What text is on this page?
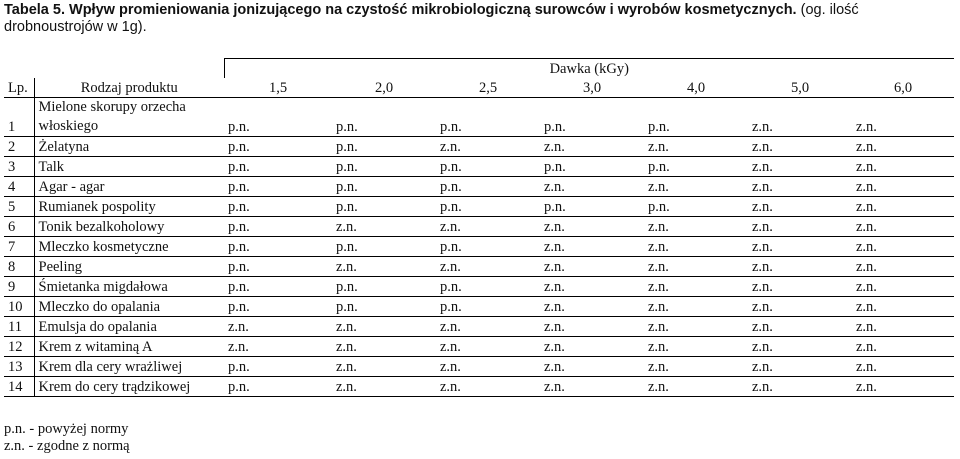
Tabela 5. Wpływ promieniowania jonizującego na czystość mikrobiologiczną surowców i wyrobów kosmetycznych. (og. ilość drobnoustrojów w 1g).
		Dawka (kGy)						
Lp.	Rodzaj produktu	1,5	2,0	2,5	3,0	4,0	5,0	6,0
1	Mielone skorupy orzecha włoskiego	p.n.	p.n.	p.n.	p.n.	p.n.	z.n.	z.n.
2	Żelatyna	p.n.	p.n.	z.n.	z.n.	z.n.	z.n.	z.n.
3	Talk	p.n.	p.n.	p.n.	p.n.	p.n.	z.n.	z.n.
4	Agar - agar	p.n.	p.n.	p.n.	z.n.	z.n.	z.n.	z.n.
5	Rumianek pospolity	p.n.	p.n.	p.n.	p.n.	p.n.	z.n.	z.n.
6	Tonik bezalkoholowy	p.n.	z.n.	z.n.	z.n.	z.n.	z.n.	z.n.
7	Mleczko kosmetyczne	p.n.	p.n.	p.n.	z.n.	z.n.	z.n.	z.n.
8	Peeling	p.n.	z.n.	z.n.	z.n.	z.n.	z.n.	z.n.
9	Śmietanka migdałowa	p.n.	p.n.	p.n.	z.n.	z.n.	z.n.	z.n.
10	Mleczko do opalania	p.n.	p.n.	p.n.	z.n.	z.n.	z.n.	z.n.
11	Emulsja do opalania	z.n.	z.n.	z.n.	z.n.	z.n.	z.n.	z.n.
12	Krem z witaminą A	z.n.	z.n.	z.n.	z.n.	z.n.	z.n.	z.n.
13	Krem dla cery wrażliwej	p.n.	z.n.	z.n.	z.n.	z.n.	z.n.	z.n.
14	Krem do cery trądzikowej	p.n.	z.n.	z.n.	z.n.	z.n.	z.n.	z.n.
p.n. - powyżej normy
z.n. - zgodne z normą
